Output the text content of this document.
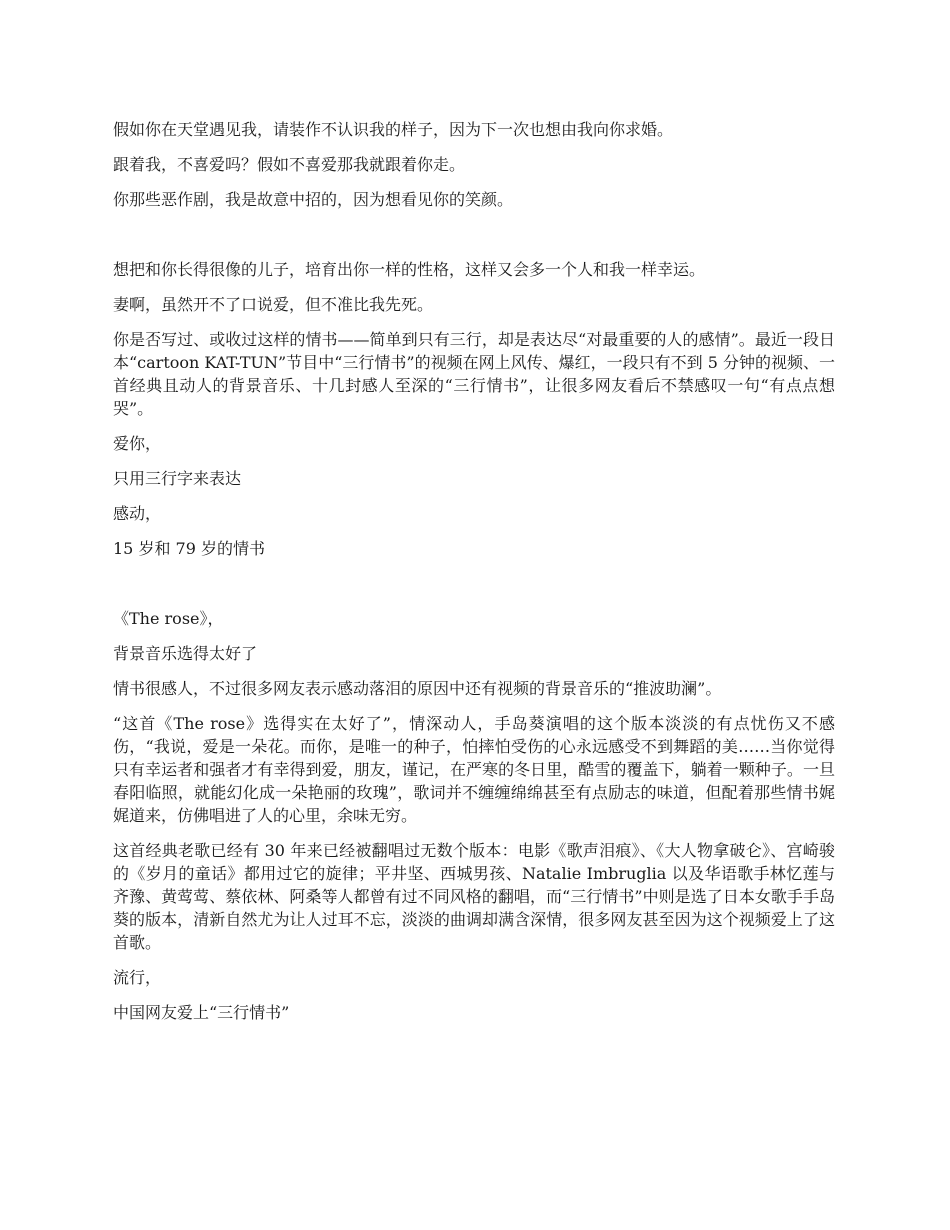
假如你在天堂遇见我，请装作不认识我的样子，因为下一次也想由我向你求婚。

跟着我，不喜爱吗？假如不喜爱那我就跟着你走。

你那些恶作剧，我是故意中招的，因为想看见你的笑颜。

想把和你长得很像的儿子，培育出你一样的性格，这样又会多一个人和我一样幸运。

妻啊，虽然开不了口说爱，但不准比我先死。

你是否写过、或收过这样的情书——简单到只有三行，却是表达尽“对最重要的人的感情”。最近一段日本“cartoon KAT-TUN”节目中“三行情书”的视频在网上风传、爆红，一段只有不到 5 分钟的视频、一首经典且动人的背景音乐、十几封感人至深的“三行情书”，让很多网友看后不禁感叹一句“有点点想哭”。

爱你，

只用三行字来表达

感动，

15 岁和 79 岁的情书

《The rose》，

背景音乐选得太好了

情书很感人，不过很多网友表示感动落泪的原因中还有视频的背景音乐的“推波助澜”。

“这首《The rose》选得实在太好了”，情深动人，手岛葵演唱的这个版本淡淡的有点忧伤又不感伤，“我说，爱是一朵花。而你，是唯一的种子，怕摔怕受伤的心永远感受不到舞蹈的美……当你觉得只有幸运者和强者才有幸得到爱，朋友，谨记，在严寒的冬日里，酷雪的覆盖下，躺着一颗种子。一旦春阳临照，就能幻化成一朵艳丽的玫瑰”，歌词并不缠缠绵绵甚至有点励志的味道，但配着那些情书娓娓道来，仿佛唱进了人的心里，余味无穷。

这首经典老歌已经有 30 年来已经被翻唱过无数个版本：电影《歌声泪痕》、《大人物拿破仑》、宫崎骏的《岁月的童话》都用过它的旋律；平井坚、西城男孩、Natalie Imbruglia 以及华语歌手林忆莲与齐豫、黄莺莺、蔡依林、阿桑等人都曾有过不同风格的翻唱，而“三行情书”中则是选了日本女歌手手岛葵的版本，清新自然尤为让人过耳不忘，淡淡的曲调却满含深情，很多网友甚至因为这个视频爱上了这首歌。

流行，

中国网友爱上“三行情书”
